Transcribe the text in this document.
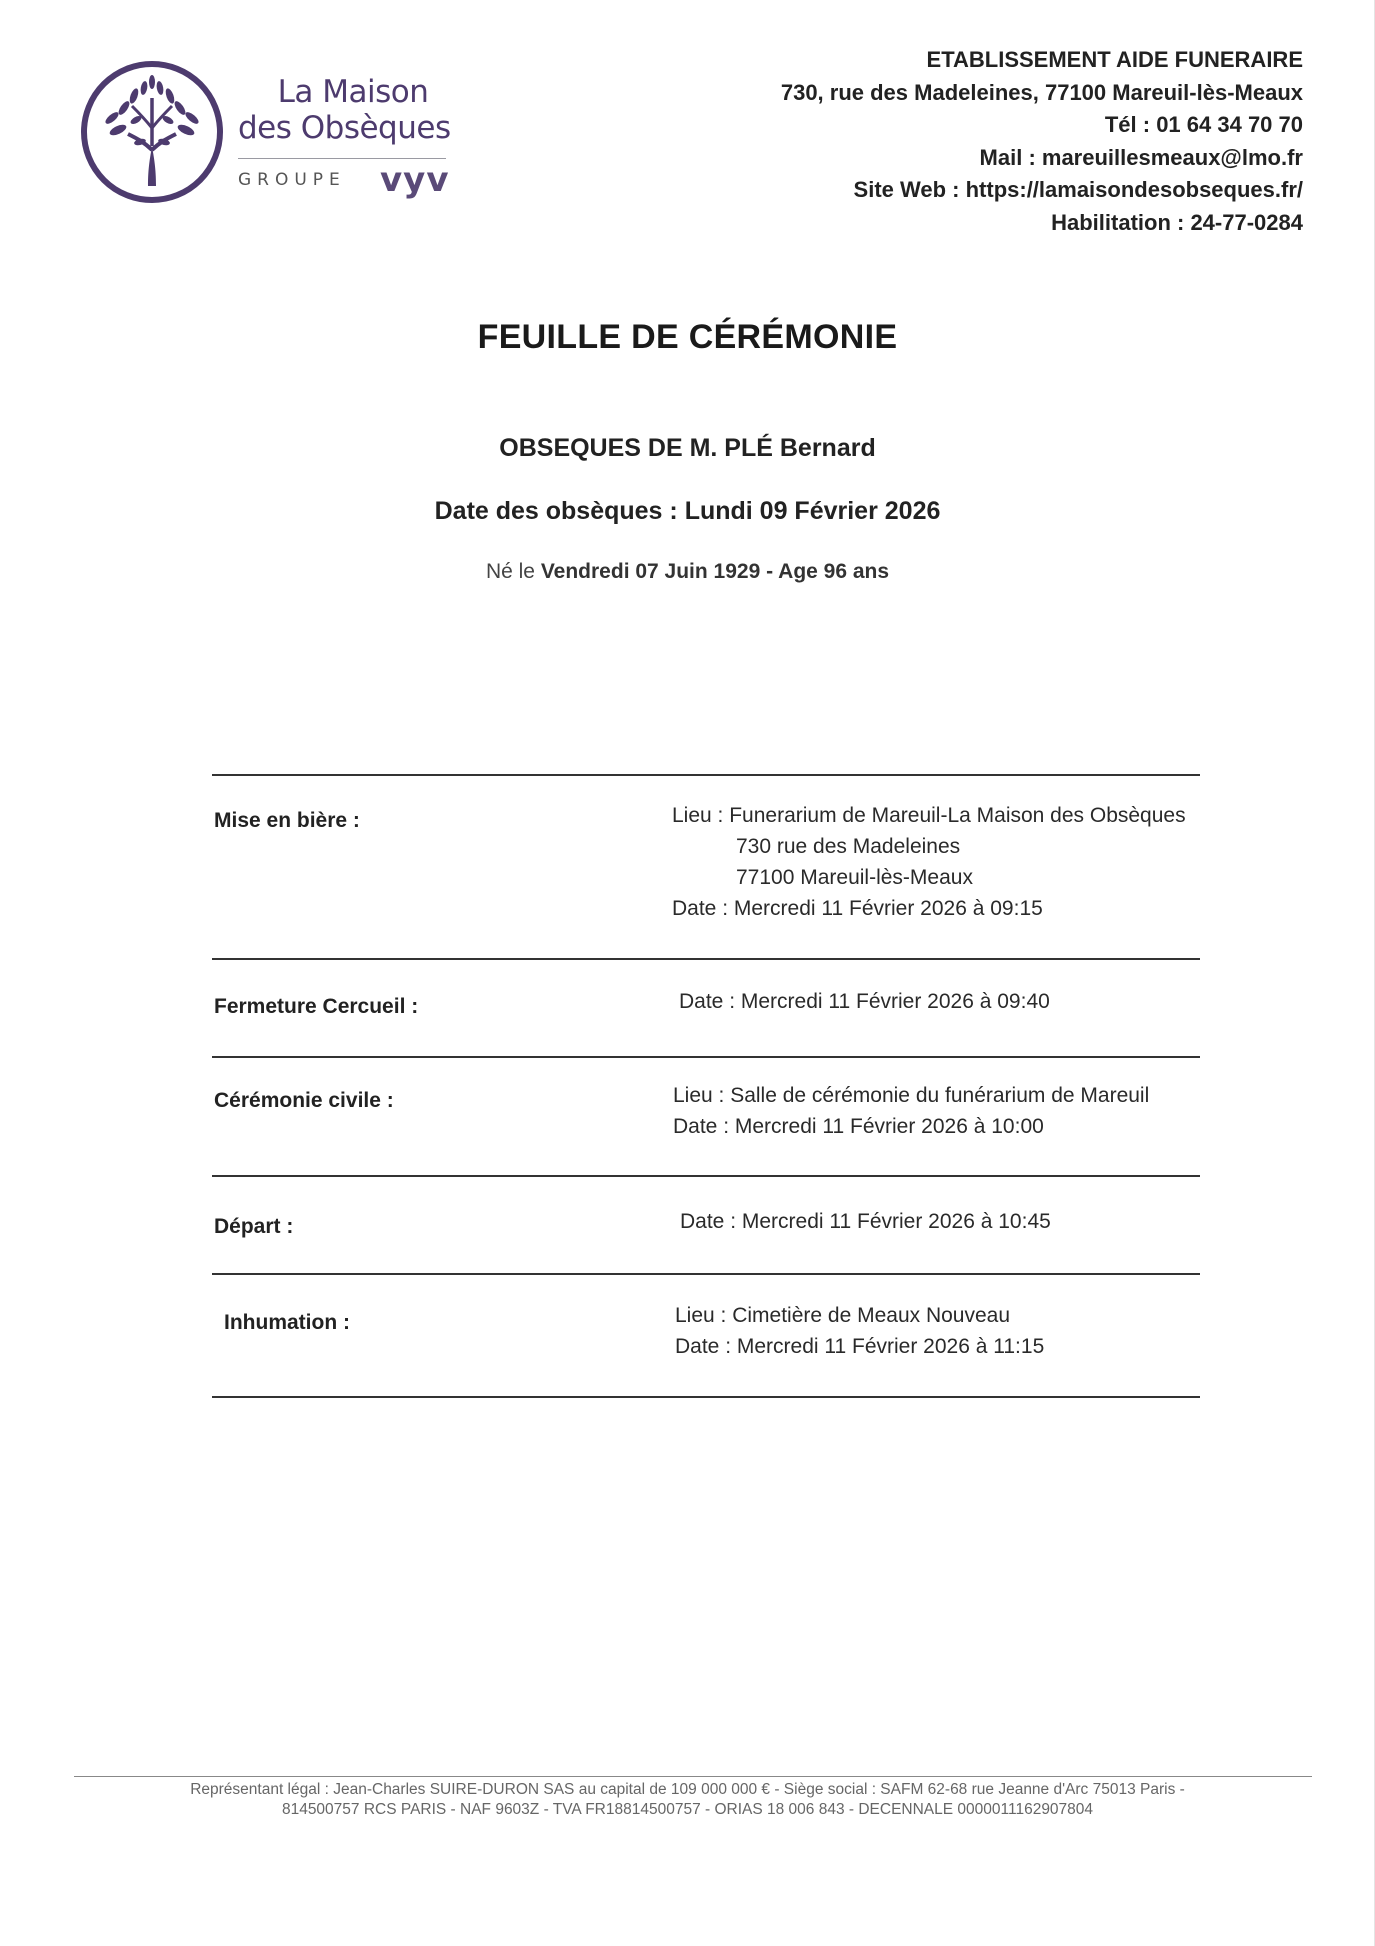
La Maison
des Obsèques
GROUPE vyv
ETABLISSEMENT AIDE FUNERAIRE
730, rue des Madeleines, 77100 Mareuil-lès-Meaux
Tél : 01 64 34 70 70
Mail : mareuillesmeaux@lmo.fr
Site Web : https://lamaisondesobseques.fr/
Habilitation : 24-77-0284
FEUILLE DE CÉRÉMONIE
OBSEQUES DE M. PLÉ Bernard
Date des obsèques : Lundi 09 Février 2026
Né le Vendredi 07 Juin 1929 - Age 96 ans
Mise en bière :	Lieu : Funerarium de Mareuil-La Maison des Obsèques
730 rue des Madeleines
77100 Mareuil-lès-Meaux
Date : Mercredi 11 Février 2026 à 09:15
Fermeture Cercueil :	Date : Mercredi 11 Février 2026 à 09:40
Cérémonie civile :	Lieu : Salle de cérémonie du funérarium de Mareuil
Date : Mercredi 11 Février 2026 à 10:00
Départ :	Date : Mercredi 11 Février 2026 à 10:45
Inhumation :	Lieu : Cimetière de Meaux Nouveau
Date : Mercredi 11 Février 2026 à 11:15
Représentant légal : Jean-Charles SUIRE-DURON SAS au capital de 109 000 000 € - Siège social : SAFM 62-68 rue Jeanne d'Arc 75013 Paris -
814500757 RCS PARIS - NAF 9603Z - TVA FR18814500757 - ORIAS 18 006 843 - DECENNALE 0000011162907804
